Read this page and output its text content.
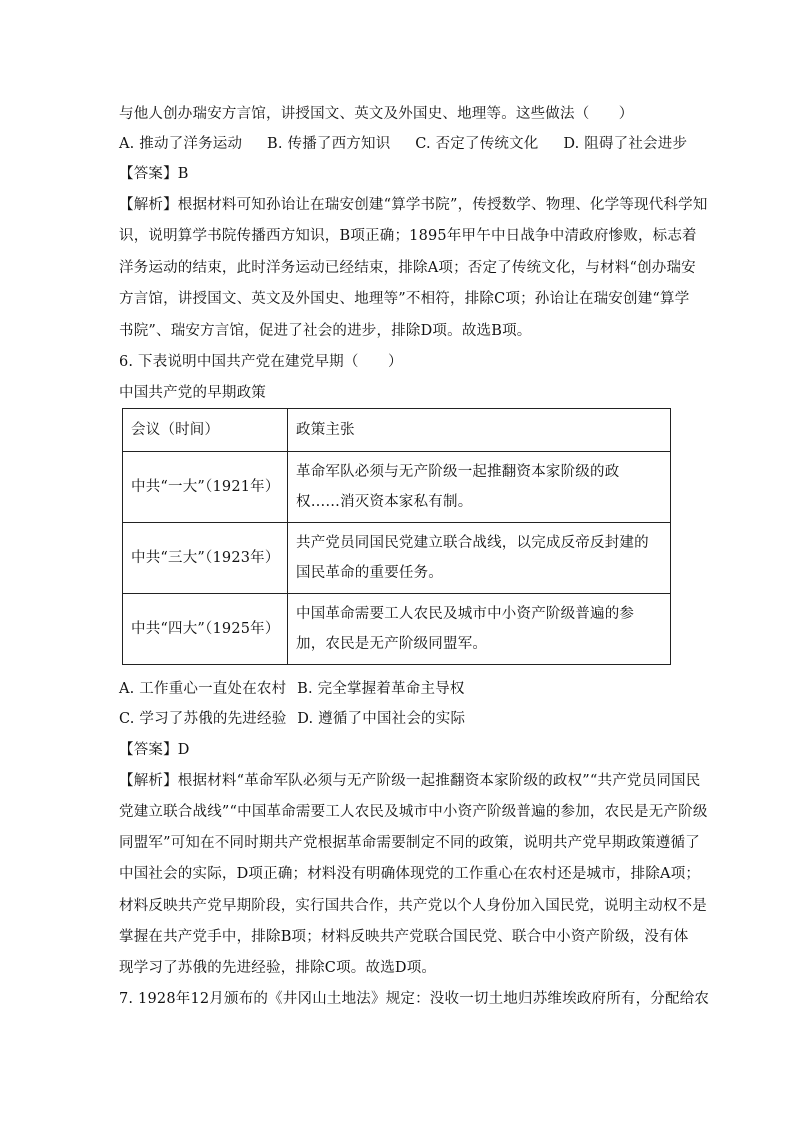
与他人创办瑞安方言馆，讲授国文、英文及外国史、地理等。这些做法（　　）
A. 推动了洋务运动 B. 传播了西方知识 C. 否定了传统文化 D. 阻碍了社会进步
【答案】B
【解析】根据材料可知孙诒让在瑞安创建“算学书院”，传授数学、物理、化学等现代科学知
识，说明算学书院传播西方知识，B项正确；1895年甲午中日战争中清政府惨败，标志着
洋务运动的结束，此时洋务运动已经结束，排除A项；否定了传统文化，与材料“创办瑞安
方言馆，讲授国文、英文及外国史、地理等”不相符，排除C项；孙诒让在瑞安创建“算学
书院”、瑞安方言馆，促进了社会的进步，排除D项。故选B项。
6. 下表说明中国共产党在建党早期（　　）
中国共产党的早期政策
会议（时间）	政策主张
中共“一大”（1921年）	革命军队必须与无产阶级一起推翻资本家阶级的政权……消灭资本家私有制。
中共“三大”（1923年）	共产党员同国民党建立联合战线，以完成反帝反封建的国民革命的重要任务。
中共“四大”（1925年）	中国革命需要工人农民及城市中小资产阶级普遍的参加，农民是无产阶级同盟军。
A. 工作重心一直处在农村 B. 完全掌握着革命主导权
C. 学习了苏俄的先进经验 D. 遵循了中国社会的实际
【答案】D
【解析】根据材料“革命军队必须与无产阶级一起推翻资本家阶级的政权”“共产党员同国民
党建立联合战线”“中国革命需要工人农民及城市中小资产阶级普遍的参加，农民是无产阶级
同盟军”可知在不同时期共产党根据革命需要制定不同的政策，说明共产党早期政策遵循了
中国社会的实际，D项正确；材料没有明确体现党的工作重心在农村还是城市，排除A项；
材料反映共产党早期阶段，实行国共合作，共产党以个人身份加入国民党，说明主动权不是
掌握在共产党手中，排除B项；材料反映共产党联合国民党、联合中小资产阶级，没有体
现学习了苏俄的先进经验，排除C项。故选D项。
7. 1928年12月颁布的《井冈山土地法》规定：没收一切土地归苏维埃政府所有，分配给农
